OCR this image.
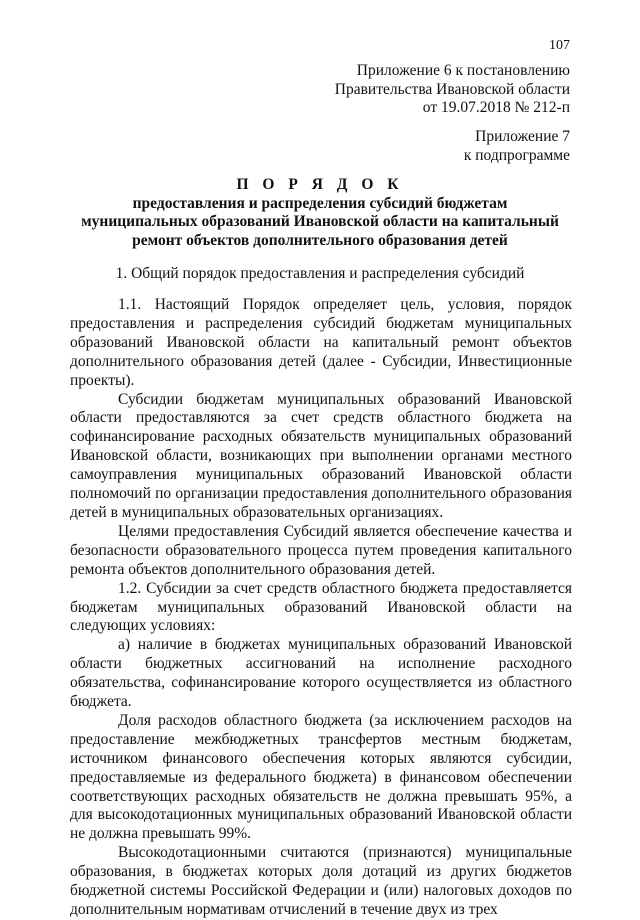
107
Приложение 6 к постановлению
Правительства Ивановской области
от 19.07.2018 № 212-п
Приложение 7
к подпрограмме
П О Р Я Д О К
предоставления и распределения субсидий бюджетам
муниципальных образований Ивановской области на капитальный
ремонт объектов дополнительного образования детей
1. Общий порядок предоставления и распределения субсидий

1.1. Настоящий Порядок определяет цель, условия, порядок предоставления и распределения субсидий бюджетам муниципальных образований Ивановской области на капитальный ремонт объектов дополнительного образования детей (далее - Субсидии, Инвестиционные проекты).

Субсидии бюджетам муниципальных образований Ивановской области предоставляются за счет средств областного бюджета на софинансирование расходных обязательств муниципальных образований Ивановской области, возникающих при выполнении органами местного самоуправления муниципальных образований Ивановской области полномочий по организации предоставления дополнительного образования детей в муниципальных образовательных организациях.

Целями предоставления Субсидий является обеспечение качества и безопасности образовательного процесса путем проведения капитального ремонта объектов дополнительного образования детей.

1.2. Субсидии за счет средств областного бюджета предоставляется бюджетам муниципальных образований Ивановской области на следующих условиях:

а) наличие в бюджетах муниципальных образований Ивановской области бюджетных ассигнований на исполнение расходного обязательства, софинансирование которого осуществляется из областного бюджета.

Доля расходов областного бюджета (за исключением расходов на предоставление межбюджетных трансфертов местным бюджетам, источником финансового обеспечения которых являются субсидии, предоставляемые из федерального бюджета) в финансовом обеспечении соответствующих расходных обязательств не должна превышать 95%, а для высокодотационных муниципальных образований Ивановской области не должна превышать 99%.

Высокодотационными считаются (признаются) муниципальные образования, в бюджетах которых доля дотаций из других бюджетов бюджетной системы Российской Федерации и (или) налоговых доходов по дополнительным нормативам отчислений в течение двух из трех
